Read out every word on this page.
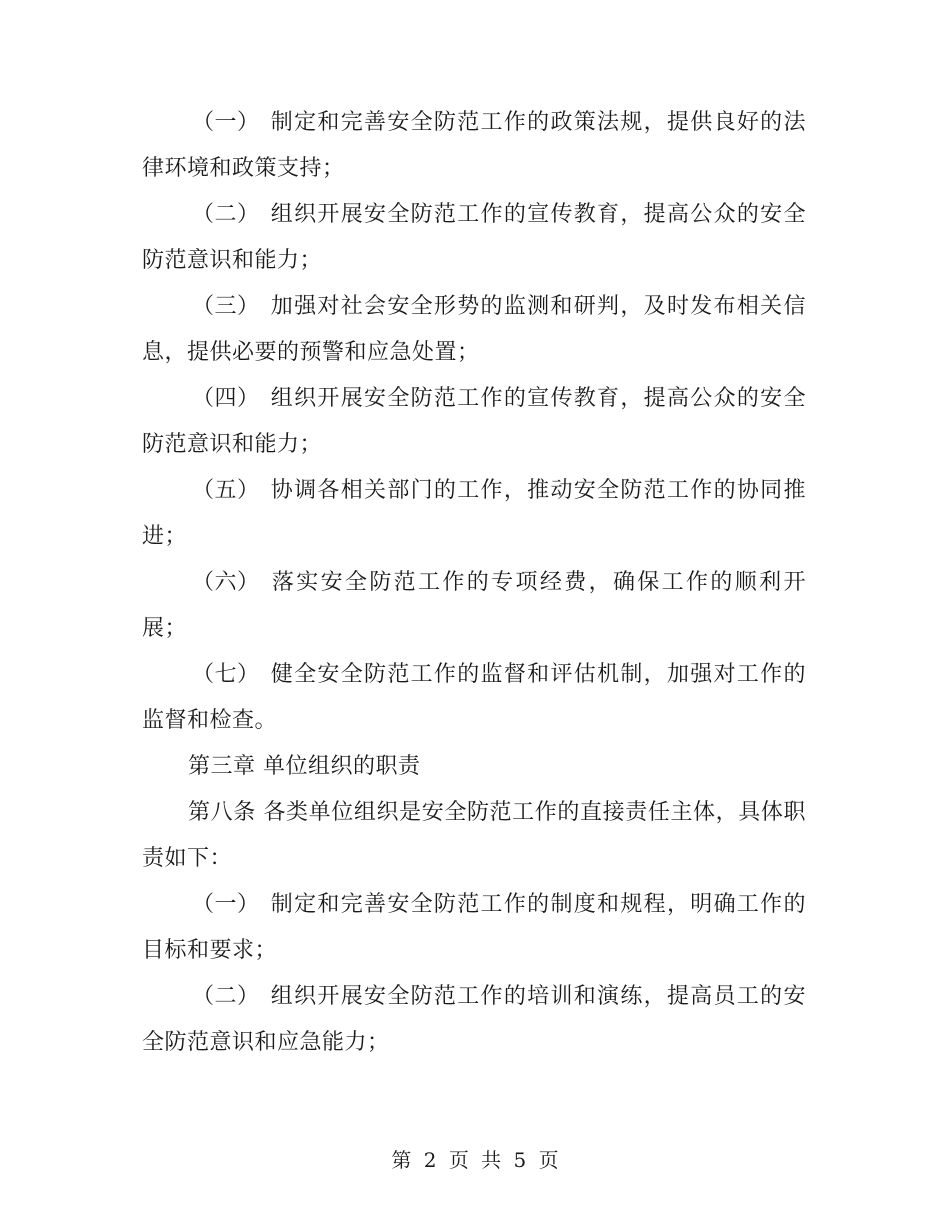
（一） 制定和完善安全防范工作的政策法规，提供良好的法律环境和政策支持；

（二） 组织开展安全防范工作的宣传教育，提高公众的安全防范意识和能力；

（三） 加强对社会安全形势的监测和研判，及时发布相关信息，提供必要的预警和应急处置；

（四） 组织开展安全防范工作的宣传教育，提高公众的安全防范意识和能力；

（五） 协调各相关部门的工作，推动安全防范工作的协同推进；

（六） 落实安全防范工作的专项经费，确保工作的顺利开展；

（七） 健全安全防范工作的监督和评估机制，加强对工作的监督和检查。

第三章 单位组织的职责

第八条 各类单位组织是安全防范工作的直接责任主体，具体职责如下：

（一） 制定和完善安全防范工作的制度和规程，明确工作的目标和要求；

（二） 组织开展安全防范工作的培训和演练，提高员工的安全防范意识和应急能力；

第 2 页 共 5 页
